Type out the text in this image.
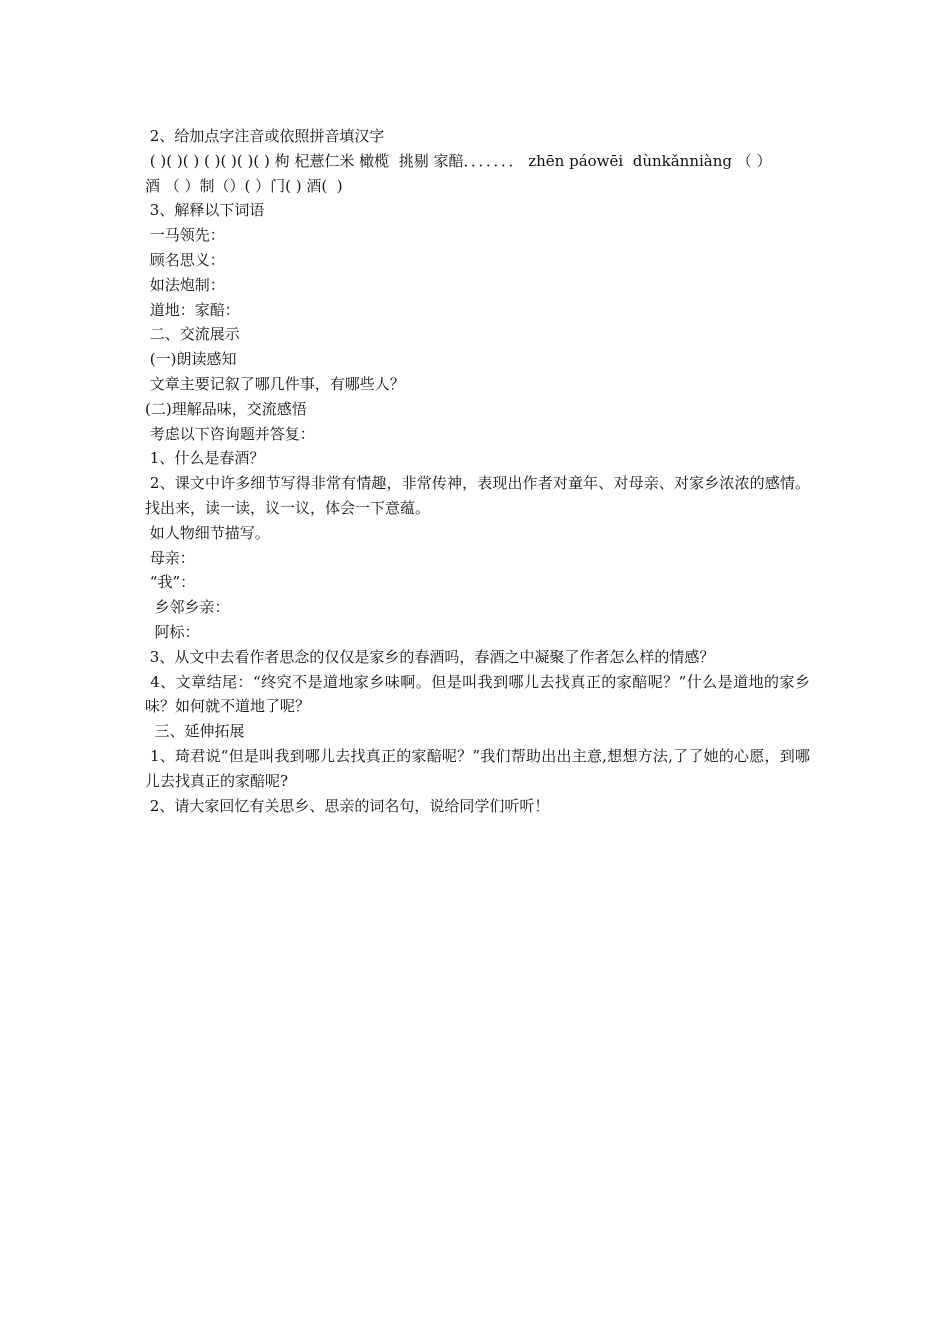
2、给加点字注音或依照拼音填汉字

( )( )( ) ( )( )( )( ) 枸 杞薏仁米 橄榄  挑剔 家醅．．．．．．． zhēn páowēi  dùnkǎnniàng （ ）

酒 （ ）制（）( ）门( ) 酒(  )

3、解释以下词语

一马领先：

顾名思义：

如法炮制：

道地：家醅：

二、交流展示

(一)朗读感知

文章主要记叙了哪几件事，有哪些人？

(二)理解品味，交流感悟

考虑以下咨询题并答复：

1、什么是春酒？

2、课文中许多细节写得非常有情趣，非常传神，表现出作者对童年、对母亲、对家乡浓浓的感情。找出来，读一读，议一议，体会一下意蕴。

如人物细节描写。

母亲：

“我”：

乡邻乡亲：

阿标：

3、从文中去看作者思念的仅仅是家乡的春酒吗，春酒之中凝聚了作者怎么样的情感？

4、文章结尾：“终究不是道地家乡味啊。但是叫我到哪儿去找真正的家醅呢？”什么是道地的家乡味？如何就不道地了呢？

三、延伸拓展

1、琦君说“但是叫我到哪儿去找真正的家醅呢？”我们帮助出出主意,想想方法,了了她的心愿，到哪儿去找真正的家醅呢?

2、请大家回忆有关思乡、思亲的词名句，说给同学们听听！
